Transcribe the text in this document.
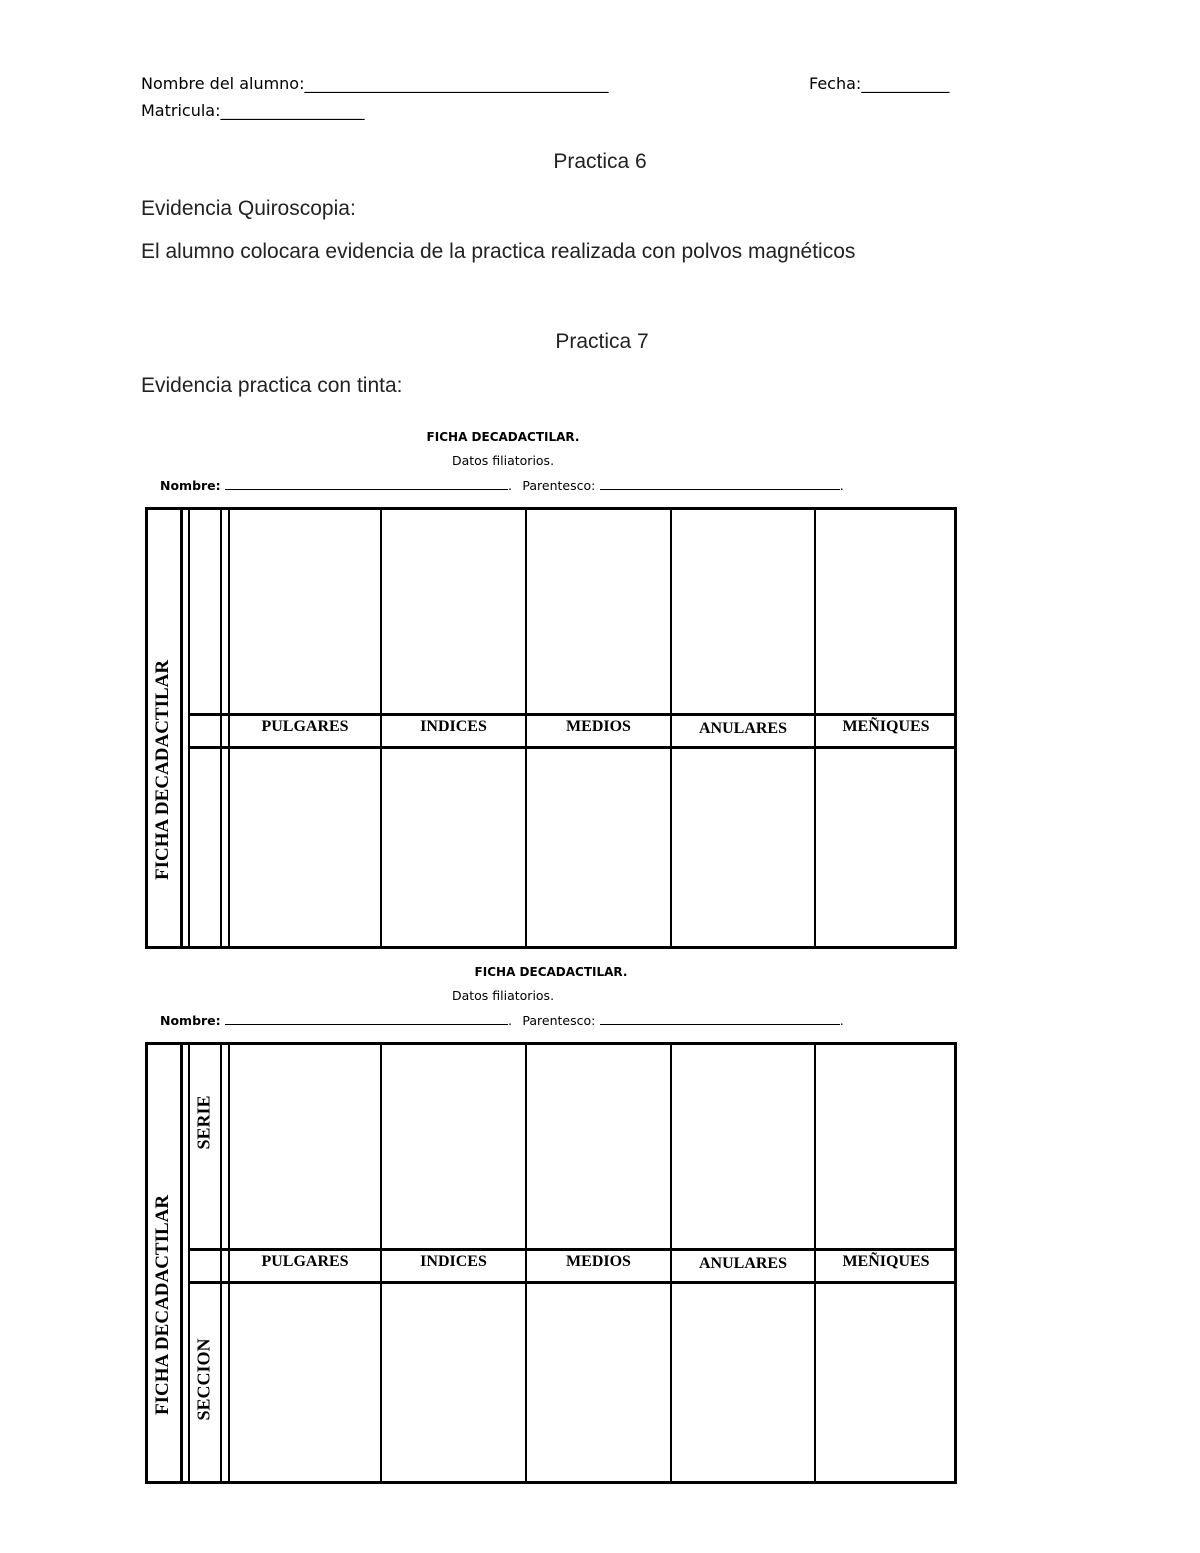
Nombre del alumno:______________________________________	Fecha:___________
Matricula:__________________
Practica 6
Evidencia Quiroscopia:
El alumno colocara evidencia de la practica realizada con polvos magnéticos
Practica 7
Evidencia practica con tinta:
FICHA DECADACTILAR.
Datos filiatorios.
Nombre:	. Parentesco:	.
FICHA DECADACTILAR	PULGARES	INDICES	MEDIOS	ANULARES	MEÑIQUES
FICHA DECADACTILAR.
Datos filiatorios.
Nombre:	. Parentesco:	.
FICHA DECADACTILAR
SERIE
SECCION
PULGARES	INDICES	MEDIOS	ANULARES	MEÑIQUES
